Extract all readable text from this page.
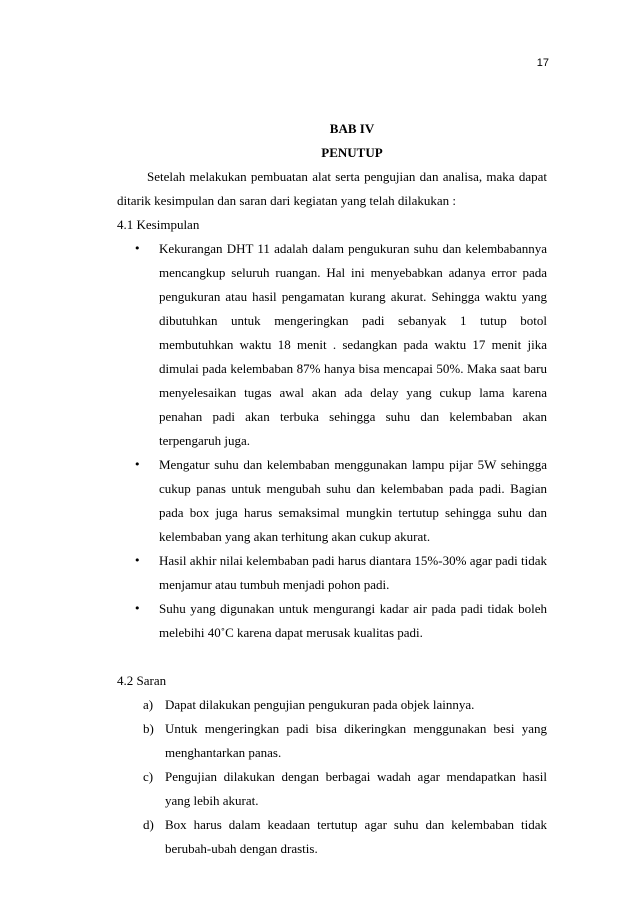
17
BAB IV
PENUTUP
Setelah melakukan pembuatan alat serta pengujian dan analisa, maka dapat
ditarik kesimpulan dan saran dari kegiatan yang telah dilakukan :
4.1 Kesimpulan
• Kekurangan DHT 11 adalah dalam pengukuran suhu dan kelembabannya mencangkup seluruh ruangan. Hal ini menyebabkan adanya error pada pengukuran atau hasil pengamatan kurang akurat. Sehingga waktu yang dibutuhkan untuk mengeringkan padi sebanyak 1 tutup botol membutuhkan waktu 18 menit . sedangkan pada waktu 17 menit jika dimulai pada kelembaban 87% hanya bisa mencapai 50%. Maka saat baru menyelesaikan tugas awal akan ada delay yang cukup lama karena penahan padi akan terbuka sehingga suhu dan kelembaban akan terpengaruh juga.
• Mengatur suhu dan kelembaban menggunakan lampu pijar 5W sehingga cukup panas untuk mengubah suhu dan kelembaban pada padi. Bagian pada box juga harus semaksimal mungkin tertutup sehingga suhu dan kelembaban yang akan terhitung akan cukup akurat.
• Hasil akhir nilai kelembaban padi harus diantara 15%-30% agar padi tidak menjamur atau tumbuh menjadi pohon padi.
• Suhu yang digunakan untuk mengurangi kadar air pada padi tidak boleh melebihi 40˚C karena dapat merusak kualitas padi.
4.2 Saran
a) Dapat dilakukan pengujian pengukuran pada objek lainnya.
b) Untuk mengeringkan padi bisa dikeringkan menggunakan besi yang menghantarkan panas.
c) Pengujian dilakukan dengan berbagai wadah agar mendapatkan hasil yang lebih akurat.
d) Box harus dalam keadaan tertutup agar suhu dan kelembaban tidak berubah-ubah dengan drastis.
